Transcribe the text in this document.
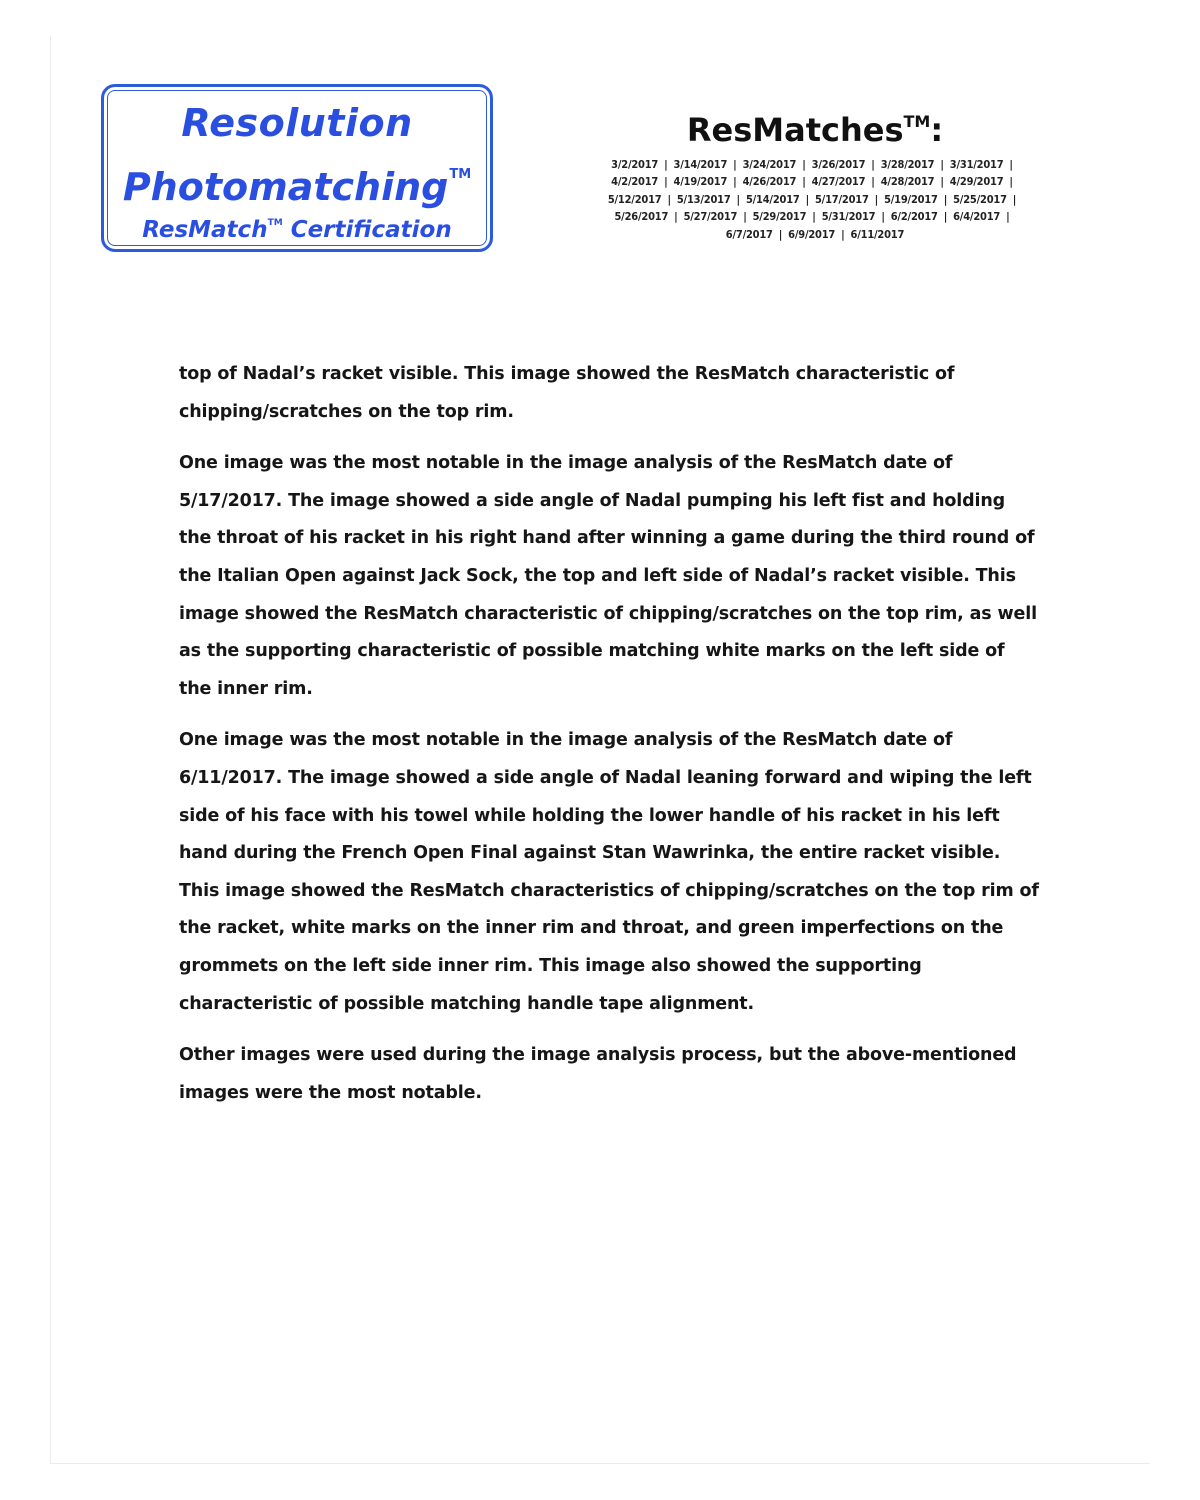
Resolution
Photomatching™
ResMatch™ Certification
ResMatches™:
3/2/2017 | 3/14/2017 | 3/24/2017 | 3/26/2017 | 3/28/2017 | 3/31/2017 |
4/2/2017 | 4/19/2017 | 4/26/2017 | 4/27/2017 | 4/28/2017 | 4/29/2017 |
5/12/2017 | 5/13/2017 | 5/14/2017 | 5/17/2017 | 5/19/2017 | 5/25/2017 |
5/26/2017 | 5/27/2017 | 5/29/2017 | 5/31/2017 | 6/2/2017 | 6/4/2017 |
6/7/2017 | 6/9/2017 | 6/11/2017

top of Nadal’s racket visible. This image showed the ResMatch characteristic of chipping/scratches on the top rim.

One image was the most notable in the image analysis of the ResMatch date of 5/17/2017. The image showed a side angle of Nadal pumping his left fist and holding the throat of his racket in his right hand after winning a game during the third round of the Italian Open against Jack Sock, the top and left side of Nadal’s racket visible. This image showed the ResMatch characteristic of chipping/scratches on the top rim, as well as the supporting characteristic of possible matching white marks on the left side of the inner rim.

One image was the most notable in the image analysis of the ResMatch date of 6/11/2017. The image showed a side angle of Nadal leaning forward and wiping the left side of his face with his towel while holding the lower handle of his racket in his left hand during the French Open Final against Stan Wawrinka, the entire racket visible. This image showed the ResMatch characteristics of chipping/scratches on the top rim of the racket, white marks on the inner rim and throat, and green imperfections on the grommets on the left side inner rim. This image also showed the supporting characteristic of possible matching handle tape alignment.

Other images were used during the image analysis process, but the above-mentioned images were the most notable.
